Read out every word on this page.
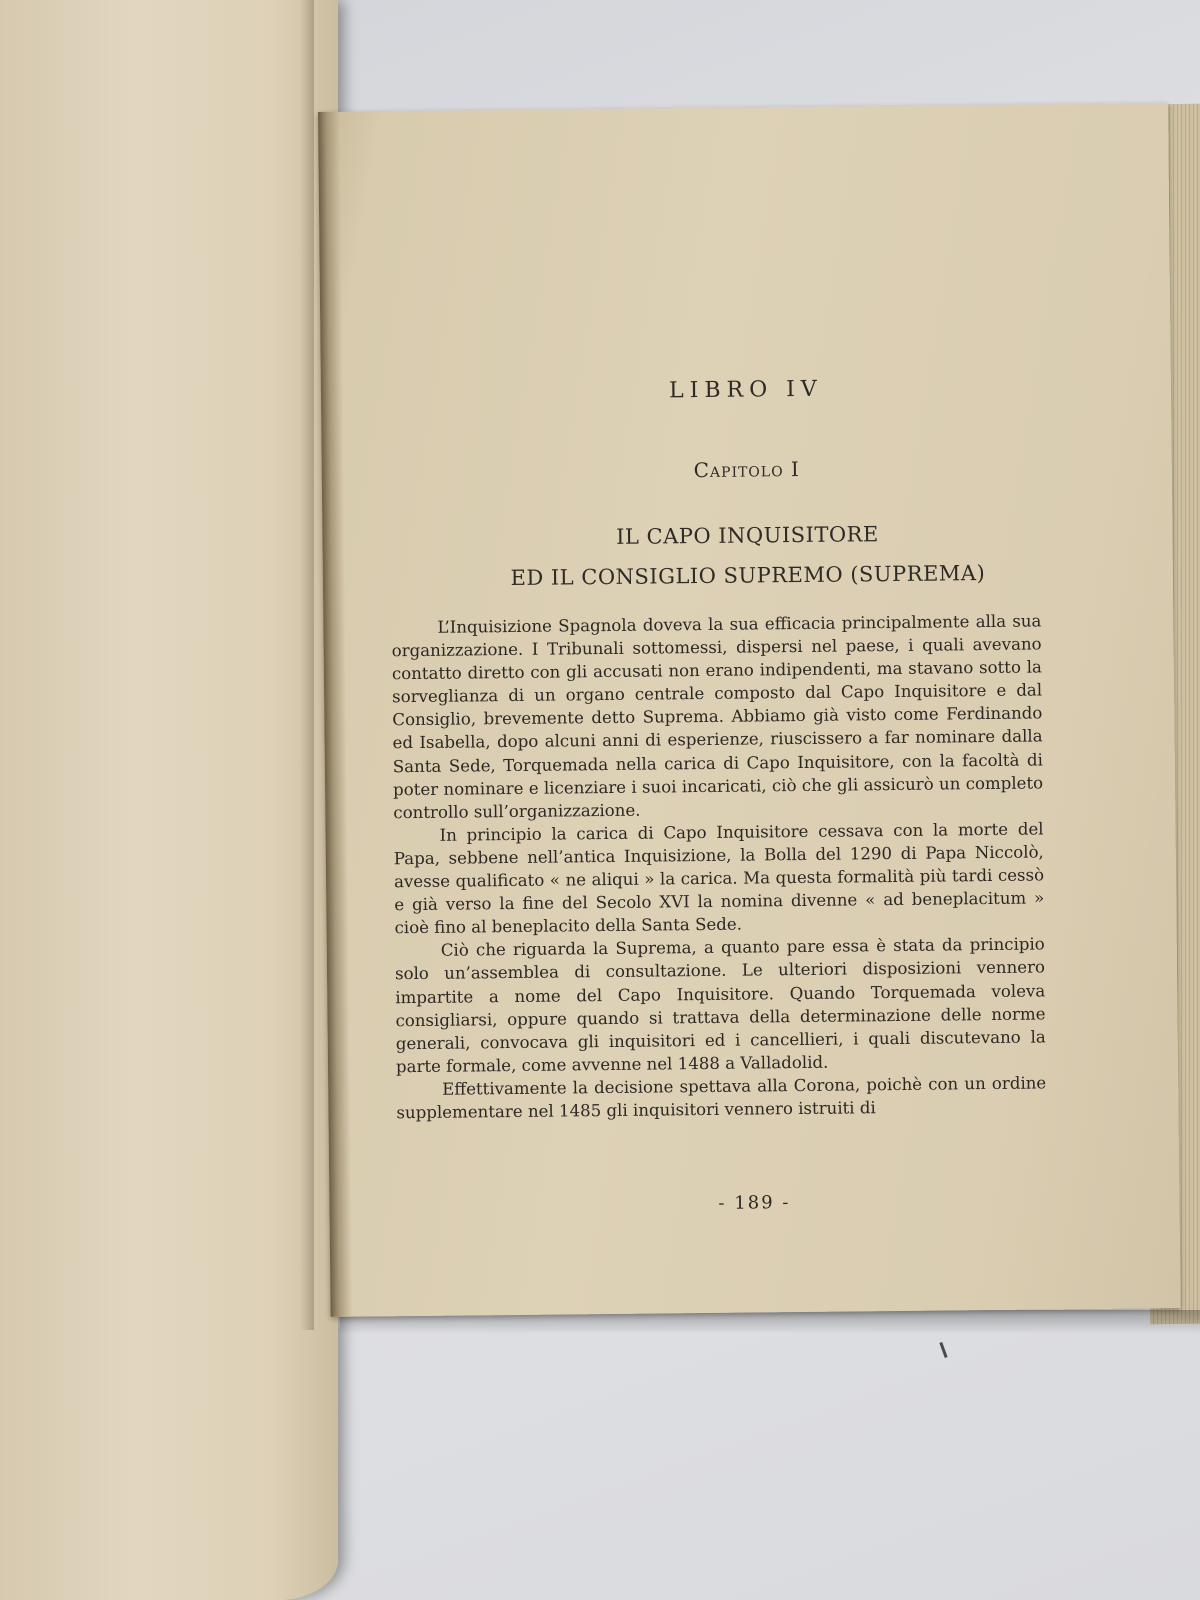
LIBRO IV
Capitolo I
IL CAPO INQUISITORE
ED IL CONSIGLIO SUPREMO (SUPREMA)

L’Inquisizione Spagnola doveva la sua efficacia principalmente alla sua organizzazione. I Tribunali sottomessi, dispersi nel paese, i quali avevano contatto diretto con gli accusati non erano indipendenti, ma stavano sotto la sorveglianza di un organo centrale composto dal Capo Inquisitore e dal Consiglio, brevemente detto Suprema. Abbiamo già visto come Ferdinando ed Isabella, dopo alcuni anni di esperienze, riuscissero a far nominare dalla Santa Sede, Torquemada nella carica di Capo Inquisitore, con la facoltà di poter nominare e licenziare i suoi incaricati, ciò che gli assicurò un completo controllo sull’organizzazione.

In principio la carica di Capo Inquisitore cessava con la morte del Papa, sebbene nell’antica Inquisizione, la Bolla del 1290 di Papa Niccolò, avesse qualificato « ne aliqui » la carica. Ma questa formalità più tardi cessò e già verso la fine del Secolo XVI la nomina divenne « ad beneplacitum » cioè fino al beneplacito della Santa Sede.

Ciò che riguarda la Suprema, a quanto pare essa è stata da principio solo un’assemblea di consultazione. Le ulteriori disposizioni vennero impartite a nome del Capo Inquisitore. Quando Torquemada voleva consigliarsi, oppure quando si trattava della determinazione delle norme generali, convocava gli inquisitori ed i cancellieri, i quali discutevano la parte formale, come avvenne nel 1488 a Valladolid.

Effettivamente la decisione spettava alla Corona, poichè con un ordine supplementare nel 1485 gli inquisitori vennero istruiti di

- 189 -
